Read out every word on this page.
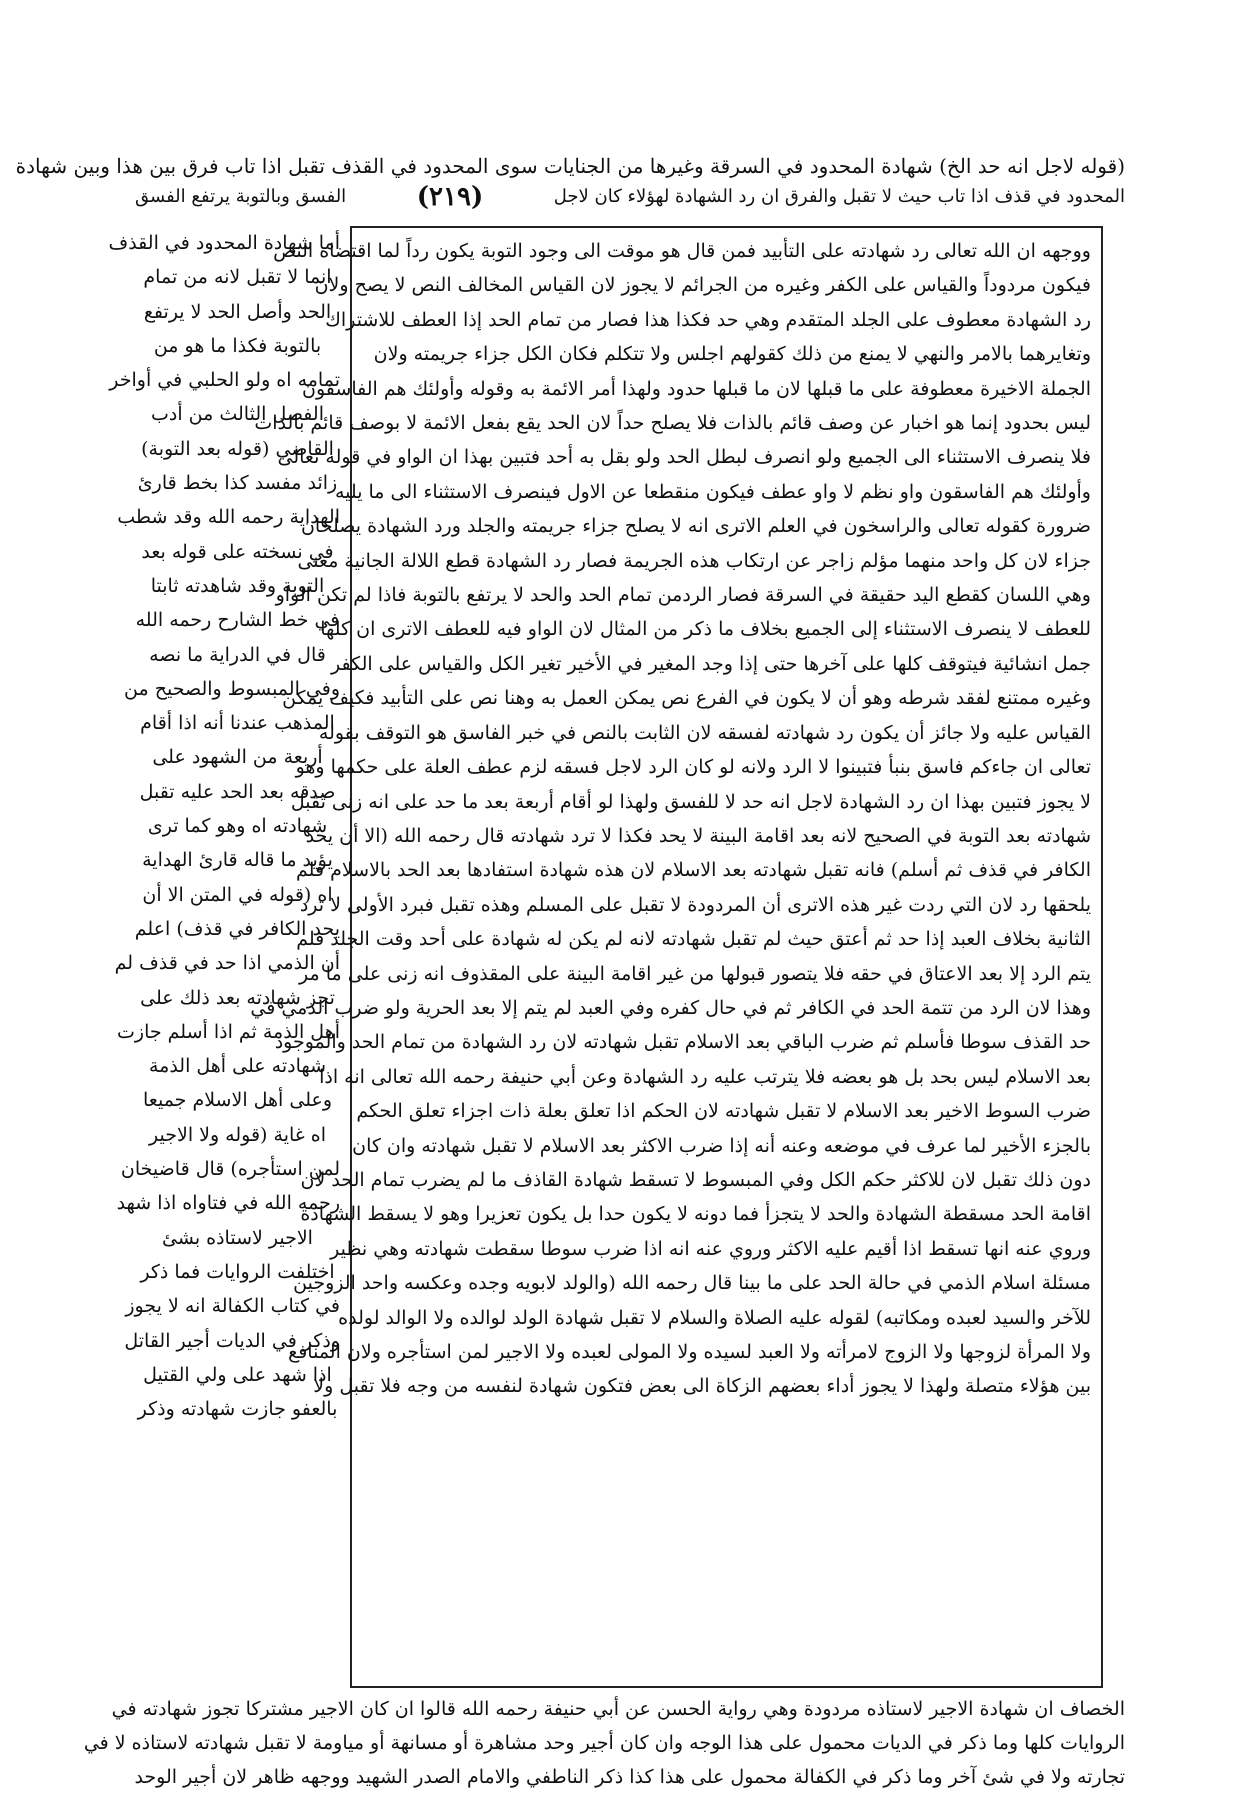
(قوله لاجل انه حد الخ) شهادة المحدود في السرقة وغيرها من الجنايات سوى المحدود في القذف تقبل اذا تاب فرق بين هذا وبين شهادة
المحدود في قذف اذا تاب حيث لا تقبل والفرق ان رد الشهادة لهؤلاء كان لاجل
(٢١٩)
الفسق وبالتوبة يرتفع الفسق
ووجهه ان الله تعالى رد شهادته على التأبيد فمن قال هو موقت الى وجود التوبة يكون رداً لما اقتضاه النص
فيكون مردوداً والقياس على الكفر وغيره من الجرائم لا يجوز لان القياس المخالف النص لا يصح ولان
رد الشهادة معطوف على الجلد المتقدم وهي حد فكذا هذا فصار من تمام الحد إذا العطف للاشتراك
وتغايرهما بالامر والنهي لا يمنع من ذلك كقولهم اجلس ولا تتكلم فكان الكل جزاء جريمته ولان
الجملة الاخيرة معطوفة على ما قبلها لان ما قبلها حدود ولهذا أمر الائمة به وقوله وأولئك هم الفاسقون
ليس بحدود إنما هو اخبار عن وصف قائم بالذات فلا يصلح حداً لان الحد يقع بفعل الائمة لا بوصف قائم بالذات
فلا ينصرف الاستثناء الى الجميع ولو انصرف لبطل الحد ولو بقل به أحد فتبين بهذا ان الواو في قوله تعالى
وأولئك هم الفاسقون واو نظم لا واو عطف فيكون منقطعا عن الاول فينصرف الاستثناء الى ما يليه
ضرورة كقوله تعالى والراسخون في العلم الاترى انه لا يصلح جزاء جريمته والجلد ورد الشهادة يصلحان
جزاء لان كل واحد منهما مؤلم زاجر عن ارتكاب هذه الجريمة فصار رد الشهادة قطع اللالة الجانية معنى
وهي اللسان كقطع اليد حقيقة في السرقة فصار الردمن تمام الحد والحد لا يرتفع بالتوبة فاذا لم تكن الواو
للعطف لا ينصرف الاستثناء إلى الجميع بخلاف ما ذكر من المثال لان الواو فيه للعطف الاترى ان كلها
جمل انشائية فيتوقف كلها على آخرها حتى إذا وجد المغير في الأخير تغير الكل والقياس على الكفر
وغيره ممتنع لفقد شرطه وهو أن لا يكون في الفرع نص يمكن العمل به وهنا نص على التأبيد فكيف يمكن
القياس عليه ولا جائز أن يكون رد شهادته لفسقه لان الثابت بالنص في خبر الفاسق هو التوقف بقوله
تعالى ان جاءكم فاسق بنبأ فتبينوا لا الرد ولانه لو كان الرد لاجل فسقه لزم عطف العلة على حكمها وهو
لا يجوز فتبين بهذا ان رد الشهادة لاجل انه حد لا للفسق ولهذا لو أقام أربعة بعد ما حد على انه زنى تقبل
شهادته بعد التوبة في الصحيح لانه بعد اقامة البينة لا يحد فكذا لا ترد شهادته قال رحمه الله (الا أن يحد
الكافر في قذف ثم أسلم) فانه تقبل شهادته بعد الاسلام لان هذه شهادة استفادها بعد الحد بالاسلام فلم
يلحقها رد لان التي ردت غير هذه الاترى أن المردودة لا تقبل على المسلم وهذه تقبل فبرد الأولى لا ترد
الثانية بخلاف العبد إذا حد ثم أعتق حيث لم تقبل شهادته لانه لم يكن له شهادة على أحد وقت الجلد فلم
يتم الرد إلا بعد الاعتاق في حقه فلا يتصور قبولها من غير اقامة البينة على المقذوف انه زنى على ما مر
وهذا لان الرد من تتمة الحد في الكافر ثم في حال كفره وفي العبد لم يتم إلا بعد الحرية ولو ضرب الذمي في
حد القذف سوطا فأسلم ثم ضرب الباقي بعد الاسلام تقبل شهادته لان رد الشهادة من تمام الحد والموجود
بعد الاسلام ليس بحد بل هو بعضه فلا يترتب عليه رد الشهادة وعن أبي حنيفة رحمه الله تعالى انه اذا
ضرب السوط الاخير بعد الاسلام لا تقبل شهادته لان الحكم اذا تعلق بعلة ذات اجزاء تعلق الحكم
بالجزء الأخير لما عرف في موضعه وعنه أنه إذا ضرب الاكثر بعد الاسلام لا تقبل شهادته وان كان
دون ذلك تقبل لان للاكثر حكم الكل وفي المبسوط لا تسقط شهادة القاذف ما لم يضرب تمام الحد لان
اقامة الحد مسقطة الشهادة والحد لا يتجزأ فما دونه لا يكون حدا بل يكون تعزيرا وهو لا يسقط الشهادة
وروي عنه انها تسقط اذا أقيم عليه الاكثر وروي عنه انه اذا ضرب سوطا سقطت شهادته وهي نظير
مسئلة اسلام الذمي في حالة الحد على ما بينا قال رحمه الله (والولد لابويه وجده وعكسه واحد الزوجين
للآخر والسيد لعبده ومكاتبه) لقوله عليه الصلاة والسلام لا تقبل شهادة الولد لوالده ولا الوالد لولده
ولا المرأة لزوجها ولا الزوج لامرأته ولا العبد لسيده ولا المولى لعبده ولا الاجير لمن استأجره ولان المنافع
بين هؤلاء متصلة ولهذا لا يجوز أداء بعضهم الزكاة الى بعض فتكون شهادة لنفسه من وجه فلا تقبل ولا
أما شهادة المحدود في القذف
انما لا تقبل لانه من تمام
الحد وأصل الحد لا يرتفع
بالتوبة فكذا ما هو من
تمامه اه ولو الحلبي في أواخر
الفصل الثالث من أدب
القاضي (قوله بعد التوبة)
زائد مفسد كذا بخط قارئ
الهداية رحمه الله وقد شطب
في نسخته على قوله بعد
التوبة وقد شاهدته ثابتا
في خط الشارح رحمه الله
قال في الدراية ما نصه
وفي المبسوط والصحيح من
المذهب عندنا أنه اذا أقام
أربعة من الشهود على
صدقه بعد الحد عليه تقبل
شهادته اه وهو كما ترى
يؤيد ما قاله قارئ الهداية
اه (قوله في المتن الا أن
يحد الكافر في قذف) اعلم
أن الذمي اذا حد في قذف لم
تجز شهادته بعد ذلك على
أهل الذمة ثم اذا أسلم جازت
شهادته على أهل الذمة
وعلى أهل الاسلام جميعا
اه غاية (قوله ولا الاجير
لمن استأجره) قال قاضيخان
رحمه الله في فتاواه اذا شهد
الاجير لاستاذه بشئ
اختلفت الروايات فما ذكر
في كتاب الكفالة انه لا يجوز
وذكر في الديات أجير القاتل
اذا شهد على ولي القتيل
بالعفو جازت شهادته وذكر
الخصاف ان شهادة الاجير لاستاذه مردودة وهي رواية الحسن عن أبي حنيفة رحمه الله قالوا ان كان الاجير مشتركا تجوز شهادته في
الروايات كلها وما ذكر في الديات محمول على هذا الوجه وان كان أجير وحد مشاهرة أو مسانهة أو مياومة لا تقبل شهادته لاستاذه لا في
تجارته ولا في شئ آخر وما ذكر في الكفالة محمول على هذا كذا ذكر الناطفي والامام الصدر الشهيد ووجهه ظاهر لان أجير الوحد
